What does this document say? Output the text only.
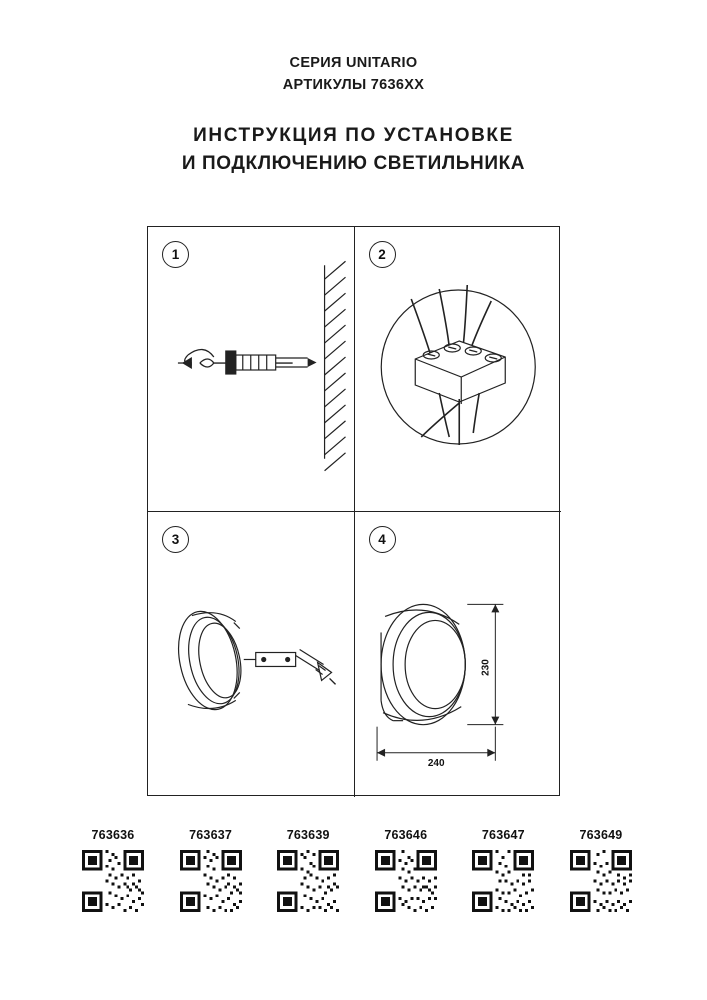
СЕРИЯ UNITARIO
АРТИКУЛЫ 7636ХХ
ИНСТРУКЦИЯ ПО УСТАНОВКЕ
И ПОДКЛЮЧЕНИЮ СВЕТИЛЬНИКА
1	2
3	4
230
240
763636	763637	763639	763646	763647	763649
